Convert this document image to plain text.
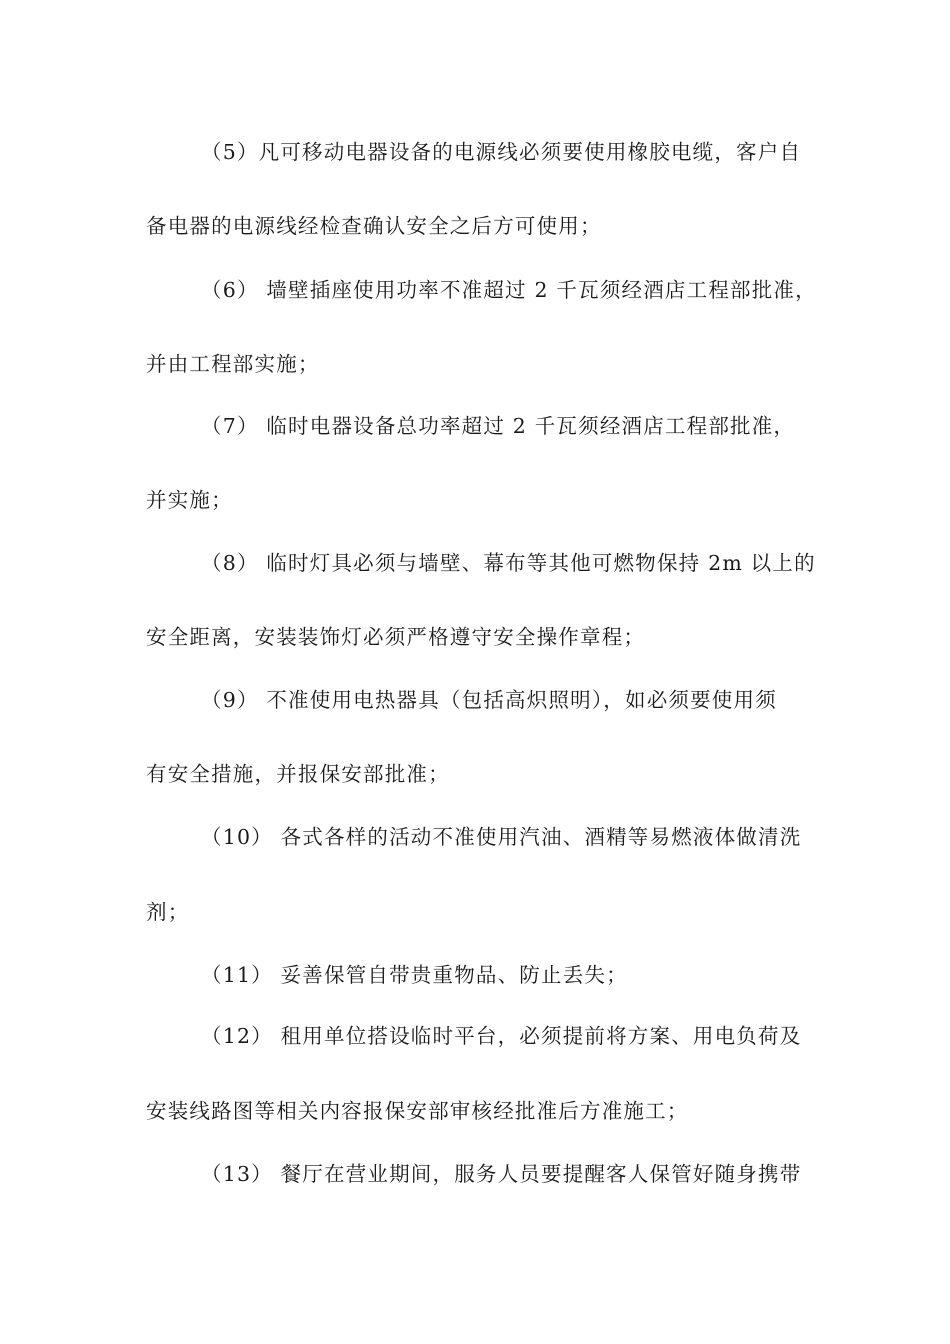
（5）凡可移动电器设备的电源线必须要使用橡胶电缆，客户自
备电器的电源线经检查确认安全之后方可使用；
（6） 墙壁插座使用功率不准超过 2 千瓦须经酒店工程部批准，
并由工程部实施；
（7） 临时电器设备总功率超过 2 千瓦须经酒店工程部批准，
并实施；
（8） 临时灯具必须与墙壁、幕布等其他可燃物保持 2m 以上的
安全距离，安装装饰灯必须严格遵守安全操作章程；
（9） 不准使用电热器具（包括高炽照明），如必须要使用须
有安全措施，并报保安部批准；
（10） 各式各样的活动不准使用汽油、酒精等易燃液体做清洗
剂；
（11） 妥善保管自带贵重物品、防止丢失；
（12） 租用单位搭设临时平台，必须提前将方案、用电负荷及
安装线路图等相关内容报保安部审核经批准后方准施工；
（13） 餐厅在营业期间，服务人员要提醒客人保管好随身携带
